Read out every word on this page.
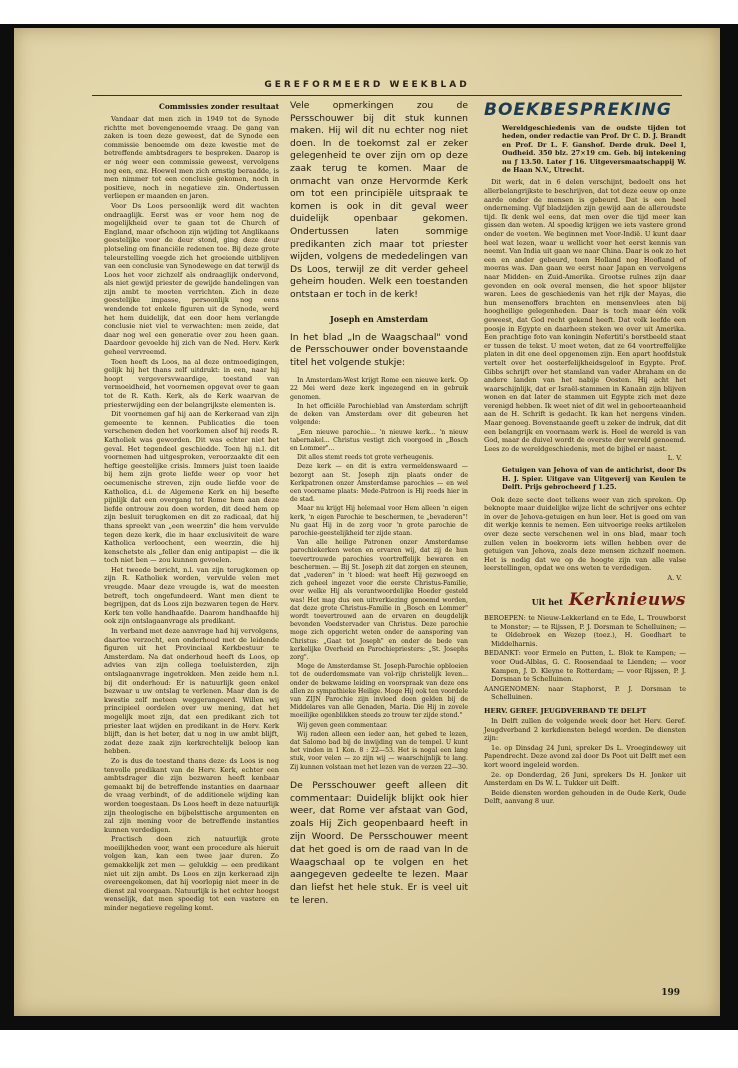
GEREFORMEERD WEEKBLAD
Commissies zonder resultaat

Vandaar dat men zich in 1949 tot de Synode richtte met bovengenoemde vraag. De gang van zaken is toen deze geweest, dat de Synode een commissie benoemde om deze kwestie met de betreffende ambtsdragers te bespreken. Daarop is er nóg weer een commissie geweest, vervolgens nog een, enz. Hoewel men zich ernstig beraadde, is men nimmer tot een conclusie gekomen, noch in positieve, noch in negatieve zin. Ondertussen verliepen er maanden en jaren.

Voor Ds Loos persoonlijk werd dit wachten ondraaglijk. Eerst was er voor hem nog de mogelijkheid over te gaan tot de Church of England, maar ofschoon zijn wijding tot Anglikaans geestelijke voor de deur stond, ging deze deur plotseling om financiële redenen toe. Bij deze grote teleurstelling voegde zich het groeiende uitblijven van een conclusie van Synodewege en dat terwijl ds Loos het voor zichzelf als ondraaglijk ondervond, als niet gewijd priester de gewijde handelingen van zijn ambt te moeten verrichten. Zich in deze geestelijke impasse, persoonlijk nog eens wendende tot enkele figuren uit de Synode, werd het hem duidelijk, dat een door hem verlangde conclusie niet viel te verwachten: men zeide, dat daar nog wel een generatie over zou heen gaan. Daardoor gevoelde hij zich van de Ned. Herv. Kerk geheel vervreemd.

Toen heeft ds Loos, na al deze ontmoedigingen, gelijk hij het thans zelf uitdrukt: in een, naar hij hoopt vergeversvwaardige, toestand van vermoeidheid, het voornemen opgevat over te gaan tot de R. Kath. Kerk, als de Kerk waarvan de priesterwijding een der belangrijkste elementen is.

Dit voornemen gaf hij aan de Kerkeraad van zijn gemeente te kennen. Publicaties die toen verschenen deden het voorkomen alsof hij reeds R. Katholiek was geworden. Dit was echter niet het geval. Het tegendeel geschiedde. Toen hij n.l. dit voornemen had uitgesproken, veroorzaakte dit een heftige geestelijke crisis. Immers juist toen laaide bij hem zijn grote liefde weer op voor het oecumenische streven, zijn oude liefde voor de Katholica, d.i. de Algemene Kerk en hij besefte pijnlijk dat een overgang tot Rome hem aan deze liefde ontrouw zou doen worden, dit deed hem op zijn besluit terugkomen en dit zo radicaal, dat hij thans spreekt van „een weerzin" die hem vervulde tegen deze kerk, die in haar exclusiviteit de ware Katholica verloochent, een weerzin, die hij kenschetste als „feller dan enig antipapist — die ik toch niet ben — zou kunnen gevoelen.

Het tweede bericht, n.l. van zijn terugkomen op zijn R. Katholiek worden, vervulde velen met vreugde. Maar deze vreugde is, wat de meesten betreft, toch ongefundeerd. Want men dient te begrijpen, dat ds Loos zijn bezwaren tegen de Herv. Kerk ten volle handhaafde. Daarom handhaafde hij ook zijn ontslagaanvrage als predikant.

In verband met deze aanvrage had hij vervolgens, daartoe verzocht, een onderhoud met de leidende figuren uit het Provinciaal Kerkbestuur te Amsterdam. Na dat onderhoud heeft ds Loos, op advies van zijn collega toeluisterden, zijn ontslagaanvrage ingetrokken. Men zeide hem n.l. bij dit onderhoud: Er is natuurlijk geen enkel bezwaar u uw ontslag te verlenen. Maar dan is de kwestie zelf meteen weggerangeerd. Willen wij principieel oordelen over uw mening, dat het mogelijk moet zijn, dat een predikant zich tot priester laat wijden en predikant in de Herv. Kerk blijft, dan is het beter, dat u nog in uw ambt blijft, zodat deze zaak zijn kerkrechtelijk beloop kan hebben.

Zo is dus de toestand thans deze: ds Loos is nog tenvolle predikant van de Herv. Kerk, echter een ambtsdrager die zijn bezwaren heeft kenbaar gemaakt bij de betreffende instanties en daarnaar de vraag verbindt, of de additionele wijding kan worden toegestaan. Ds Loos heeft in deze natuurlijk zijn theologische en bijbelsttische argumenten en zal zijn mening voor de betreffende instanties kunnen verdedigen.

Practisch doen zich natuurlijk grote moeilijkheden voor, want een procedure als hieruit volgen kan, kan een twee jaar duren. Zo gemakkelijk zet men — gelukkig — een predikant niet uit zijn ambt. Ds Loos en zijn kerkeraad zijn overeengekomen, dat hij voorlopig niet meer in de dienst zal voorgaan. Natuurlijk is het echter hoogst wenselijk, dat men spoedig tot een vastere en minder negatieve regeling komt.

Vele opmerkingen zou de Persschouwer bij dit stuk kunnen maken. Hij wil dit nu echter nog niet doen. In de toekomst zal er zeker gelegenheid te over zijn om op deze zaak terug te komen. Maar de onmacht van onze Hervormde Kerk om tot een principiële uitspraak te komen is ook in dit geval weer duidelijk openbaar gekomen. Ondertussen laten sommige predikanten zich maar tot priester wijden, volgens de mededelingen van Ds Loos, terwijl ze dit verder geheel geheim houden. Welk een toestanden ontstaan er toch in de kerk!

Joseph en Amsterdam

In het blad „In de Waagschaal" vond de Persschouwer onder bovenstaande titel het volgende stukje:

In Amsterdam-West krijgt Rome een nieuwe kerk. Op 22 Mei werd deze kerk ingezegend en in gebruik genomen.

In het officiële Parochieblad van Amsterdam schrijft de deken van Amsterdam over dit gebeuren het volgende:

„Een nieuwe parochie... 'n nieuwe kerk... 'n nieuw tabernakel... Christus vestigt zich voorgoed in „Bosch en Lommer"...

Dit alles stemt reeds tot grote verheugenis.

Deze kerk — en dit is extra vermeldenswaard — bezorgt aan St. Joseph zijn plaats onder de Kerkpatronen onzer Amsterdamse parochies — en wel een voorname plaats: Mede-Patroon is Hij reeds hier in de stad.

Maar nu krijgt Hij helemaal voor Hem alleen 'n eigen kerk, 'n eigen Parochie te beschermen, te „bevaderen"! Nu gaat Hij in de zorg voor 'n grote parochie de parochie-geestelijkheid ter zijde staan.

Van alle heilige Patronen onzer Amsterdamse parochiekerken weten en ervaren wij, dat zij de hun toevertrouwde parochies voortreffelijk bewaren en beschermen. — Bij St. Joseph zit dat zorgen en steunen, dat „vaderen" in 't bloed: wat heeft Hij gezwoegd en zich geheel ingezet voor die eerste Christus-Familie, over welke Hij als verantwoordelijke Hoeder gesteld was! Het mag dus een uitverkiezing genoemd worden, dat deze grote Christus-Familie in „Bosch en Lommer" wordt toevertrouwd aan de ervaren en deugdelijk bevonden Voedstervader van Christus. Deze parochie moge zich opgericht weten onder de aansporing van Christus: „Gaat tot Joseph" en onder de bede van kerkelijke Overheid en Parochiepriesters: „St. Josephs zorg".

Moge de Amsterdamse St. Joseph-Parochie opbloeien tot de ouderdomsmate van vol-rijp christelijk leven... onder de bekwame leiding en voorspraak van deze ons allen zo sympathieke Heilige. Moge Hij ook ten voordele van ZIJN Parochie zijn invloed doen gelden bij de Middelares van alle Genaden, Maria. Die Hij in zovele moeilijke ogenblikken steeds zo trouw ter zijde stond."

Wij geven geen commentaar.

Wij raden alleen een ieder aan, het gebed te lezen, dat Salomo bad bij de inwijding van de tempel. U kunt het vinden in 1 Kon. 8 : 22—53. Het is nogal een lang stuk, voor velen — zo zijn wij — waarschijnlijk te lang. Zij kunnen volstaan met het lezen van de verzen 22—30.

De Persschouwer geeft alleen dit commentaar: Duidelijk blijkt ook hier weer, dat Rome ver afstaat van God, zoals Hij Zich geopenbaard heeft in zijn Woord. De Persschouwer meent dat het goed is om de raad van In de Waagschaal op te volgen en het aangegeven gedeelte te lezen. Maar dan liefst het hele stuk. Er is veel uit te leren.

BOEKBESPREKING

Wereldgeschiedenis van de oudste tijden tot heden, onder redactie van Prof. Dr C. D. J. Brandt en Prof. Dr L. F. Ganshof. Derde druk. Deel I, Oudheid. 350 blz. 27×19 cm. Geb. bij intekening nu ƒ 13.50. Later ƒ 16. Uitgeversmaatschappij W. de Haan N.V., Utrecht.

Dit werk, dat in 6 delen verschijnt, bedoelt ons het allerbelangrijkste te beschrijven, dat tot deze eeuw op onze aarde onder de mensen is gebeurd. Dat is een heel onderneming. Vijf bladzijden zijn gewijd aan de alleroudste tijd. Ik denk wel eens, dat men over die tijd meer kan gissen dan weten. Al spoedig krijgen we iets vastere grond onder de voeten. We beginnen met Voor-Indië. U kunt daar heel wat lezen, waar u wellicht voor het eerst kennis van neemt. Van India uit gaan we naar China. Daar is ook zo het een en ander gebeurd, toen Holland nog Hoofland of moeras was. Dan gaan we eerst naar Japan en vervolgens naar Midden- en Zuid-Amerika. Grootse ruïnes zijn daar gevonden en ook overal mensen, die het spoor blijster waren. Lees de geschiedenis van het rijk der Mayas, die hun mensenoffers brachten en mensenvlees aten bij hoogheilige gelegenheden. Daar is toch maar één volk geweest, dat God recht gekend heeft. Dat volk leefde een poosje in Egypte en daarheen steken we over uit Amerika. Een prachtige foto van koningin Nefertiti's borstbeeld staat er tussen de tekst. U moet weten, dat ze 64 voortreffelijke platen in dit ene deel opgenomen zijn. Een apart hoofdstuk vertelt over het oosterfelijkheidsgeloof in Egypte. Prof. Gibbs schrijft over het stamland van vader Abraham en de andere landen van het nabije Oosten. Hij acht het waarschijnlijk, dat er Israël-stammen in Kanaän zijn blijven wonen en dat later de stammen uit Egypte zich met deze verenigd hebben. Ik weet niet of dit wel in geboorteaanheid aan de H. Schrift is gedacht. Ik kan het nergens vinden. Maar genoeg. Bovenstaande geeft u zeker de indruk, dat dit een belangrijk en voornaam werk is. Heel de wereld is van God, maar de duivel wordt de overste der wereld genoemd. Lees zo de wereldgeschiedenis, met de bijbel er naast.

L. V.

Getuigen van Jehova of van de antichrist, door Ds H. J. Spier. Uitgave van Uitgeverij van Keulen te Delft. Prijs gebrocheerd ƒ 1.25.

Ook deze secte doet telkens weer van zich spreken. Op beknopte maar duidelijke wijze licht de schrijver ons echter in over de Jehova-getuigen en hun leer. Het is goed om van dit werkje kennis te nemen. Een uitvoerige reeks artikelen over deze secte verschenen wel in ons blad, maar toch zullen velen in boekvorm iets willen hebben over de getuigen van Jehova, zoals deze mensen zichzelf noemen. Het is nodig dat we op de hoogte zijn van alle valse leerstellingen, opdat we ons weten te verdedigen.

A. V.
Uit het Kerknieuws

BEROEPEN: te Nieuw-Lekkerland en te Ede, L. Trouwborst te Monster; — te Rijssen, P. J. Dorsman te Schelluinen; — te Oldebroek en Wezep (toez.), H. Goedhart te Middelharnis.

BEDANKT: voor Ermelo en Putten, L. Blok te Kampen; — voor Oud-Alblas, G. C. Roosendaal te Lienden; — voor Kampen, J. D. Kleyne te Rotterdam; — voor Rijssen, P. J. Dorsman te Schelluinen.

AANGENOMEN: naar Staphorst, P. J. Dorsman te Schelluinen.

HERV. GEREF. JEUGDVERBAND TE DELFT

In Delft zullen de volgende week door het Herv. Geref. Jeugdverband 2 kerkdiensten belegd worden. De diensten zijn:

1e. op Dinsdag 24 Juni, spreker Ds L. Vroegindewey uit Papendrecht. Deze avond zal door Ds Poot uit Delft met een kort woord ingeleid worden.

2e. op Donderdag, 26 Juni, sprekers Ds H. Jonker uit Amsterdam en Ds W. L. Tukker uit Delft.

Beide diensten worden gehouden in de Oude Kerk, Oude Delft, aanvang 8 uur.

199
